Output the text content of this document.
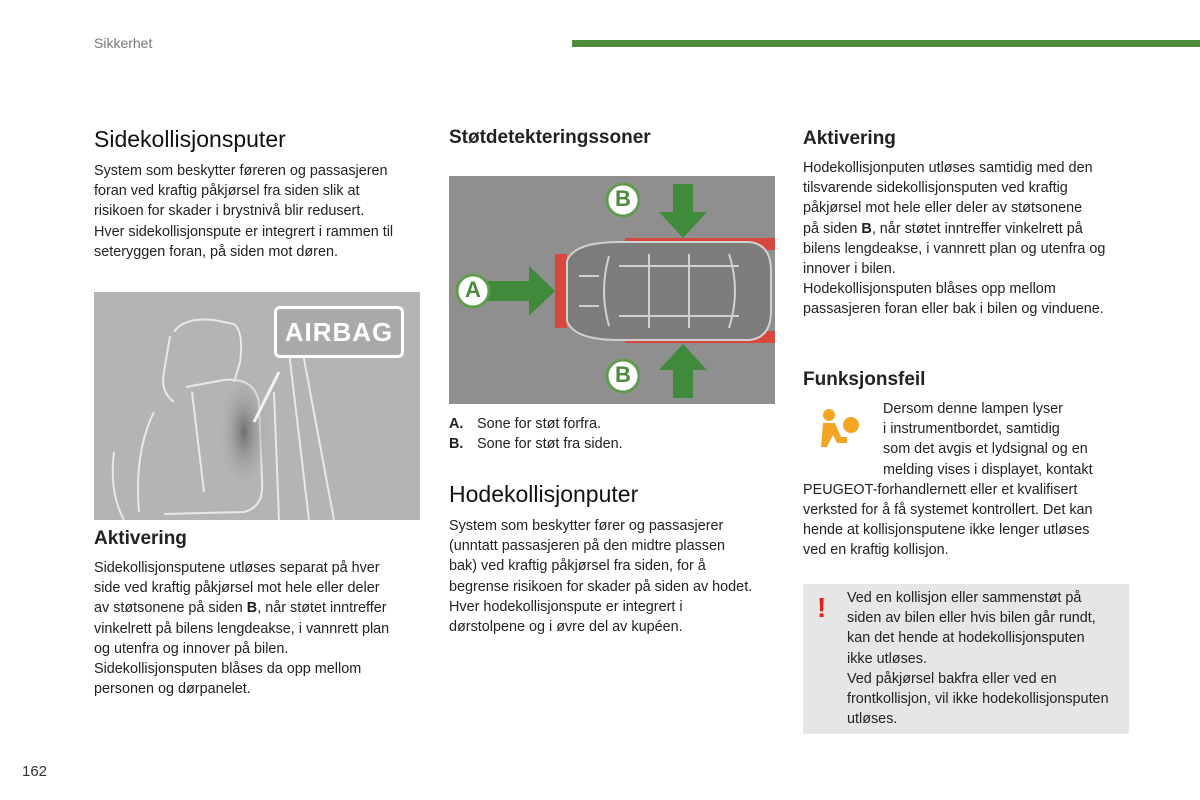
Sikkerhet
Sidekollisjonsputer

System som beskytter føreren og passasjeren

foran ved kraftig påkjørsel fra siden slik at

risikoen for skader i brystnivå blir redusert.

Hver sidekollisjonspute er integrert i rammen til

seteryggen foran, på siden mot døren.

AIRBAG
Aktivering

Sidekollisjonsputene utløses separat på hver

side ved kraftig påkjørsel mot hele eller deler

av støtsonene på siden B, når støtet inntreffer

vinkelrett på bilens lengdeakse, i vannrett plan

og utenfra og innover på bilen.

Sidekollisjonsputen blåses da opp mellom

personen og dørpanelet.

Støtdetekteringssoner
A
B
B
A. Sone for støt forfra.
B. Sone for støt fra siden.
Hodekollisjonputer

System som beskytter fører og passasjerer

(unntatt passasjeren på den midtre plassen

bak) ved kraftig påkjørsel fra siden, for å

begrense risikoen for skader på siden av hodet.

Hver hodekollisjonspute er integrert i

dørstolpene og i øvre del av kupéen.

Aktivering

Hodekollisjonputen utløses samtidig med den

tilsvarende sidekollisjonsputen ved kraftig

påkjørsel mot hele eller deler av støtsonene

på siden B, når støtet inntreffer vinkelrett på

bilens lengdeakse, i vannrett plan og utenfra og

innover i bilen.

Hodekollisjonsputen blåses opp mellom

passasjeren foran eller bak i bilen og vinduene.

Funksjonsfeil

Dersom denne lampen lyser

i instrumentbordet, samtidig

som det avgis et lydsignal og en

melding vises i displayet, kontakt

PEUGEOT-forhandlernett eller et kvalifisert

verksted for å få systemet kontrollert. Det kan

hende at kollisjonsputene ikke lenger utløses

ved en kraftig kollisjon.

! Ved en kollisjon eller sammenstøt på

siden av bilen eller hvis bilen går rundt,

kan det hende at hodekollisjonsputen

ikke utløses.

Ved påkjørsel bakfra eller ved en

frontkollisjon, vil ikke hodekollisjonsputen

utløses.

162
